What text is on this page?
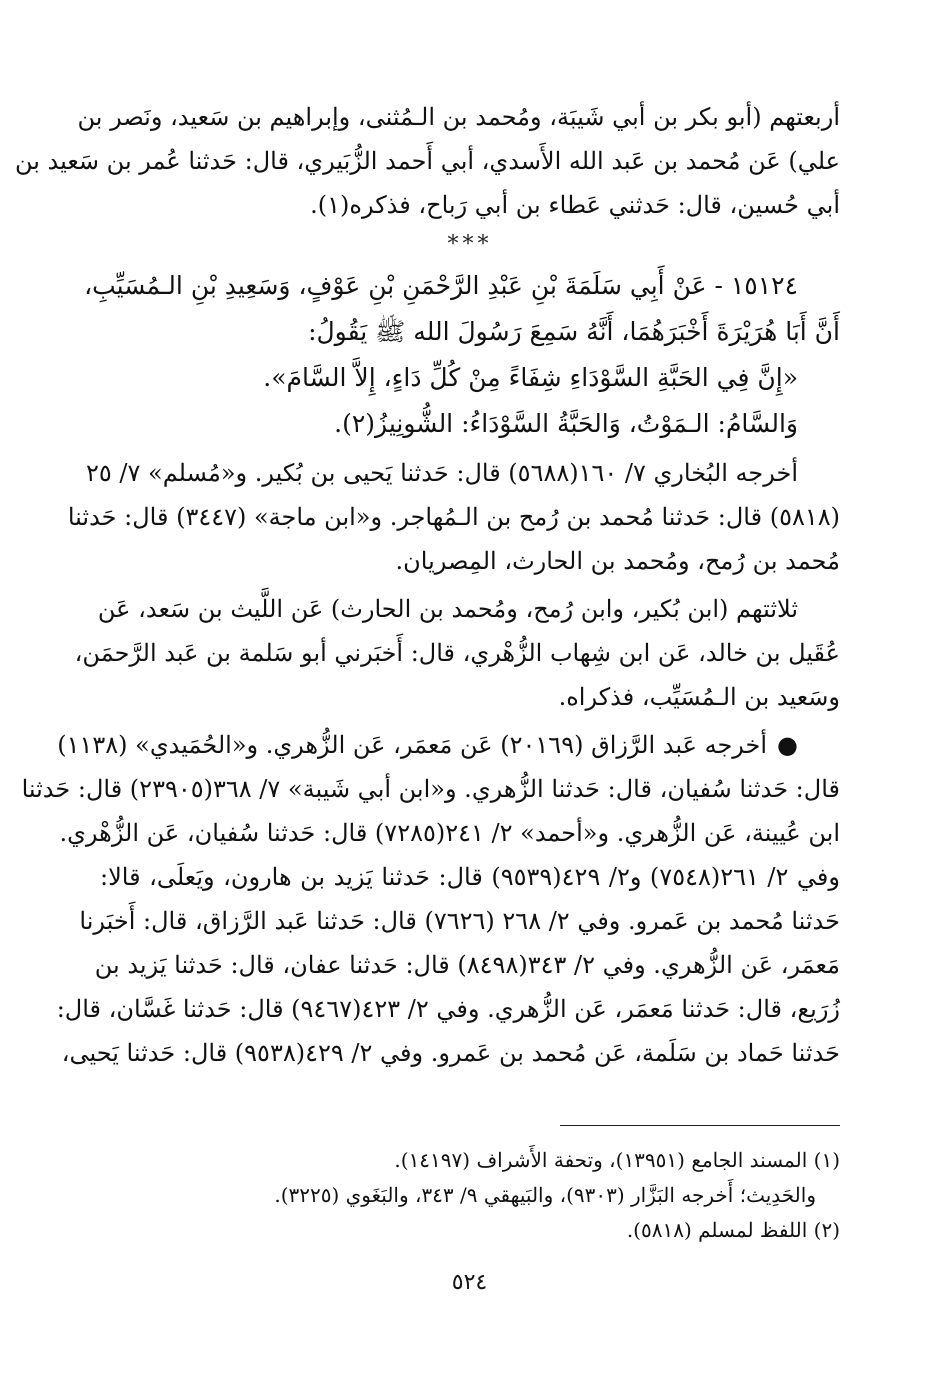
أربعتهم (أبو بكر بن أبي شَيبَة، ومُحمد بن الـمُثنى، وإبراهيم بن سَعيد، ونَصر بن
علي) عَن مُحمد بن عَبد الله الأَسدي، أبي أَحمد الزُّبَيري، قال: حَدثنا عُمر بن سَعيد بن
أبي حُسين، قال: حَدثني عَطاء بن أبي رَباح، فذكره(١).
***
١٥١٢٤ - عَنْ أَبِي سَلَمَةَ بْنِ عَبْدِ الرَّحْمَنِ بْنِ عَوْفٍ، وَسَعِيدِ بْنِ الـمُسَيِّبِ،
أَنَّ أَبَا هُرَيْرَةَ أَخْبَرَهُمَا، أَنَّهُ سَمِعَ رَسُولَ الله ﷺ يَقُولُ:
«إِنَّ فِي الحَبَّةِ السَّوْدَاءِ شِفَاءً مِنْ كُلِّ دَاءٍ، إِلاَّ السَّامَ».
وَالسَّامُ: الـمَوْتُ، وَالحَبَّةُ السَّوْدَاءُ: الشُّونِيزُ(٢).
أخرجه البُخاري ٧/ ١٦٠(٥٦٨٨) قال: حَدثنا يَحيى بن بُكير. و«مُسلم» ٧/ ٢٥
(٥٨١٨) قال: حَدثنا مُحمد بن رُمح بن الـمُهاجر. و«ابن ماجة» (٣٤٤٧) قال: حَدثنا
مُحمد بن رُمح، ومُحمد بن الحارث، المِصريان.
ثلاثتهم (ابن بُكير، وابن رُمح، ومُحمد بن الحارث) عَن اللَّيث بن سَعد، عَن
عُقَيل بن خالد، عَن ابن شِهاب الزُّهْري، قال: أَخبَرني أبو سَلمة بن عَبد الرَّحمَن،
وسَعيد بن الـمُسَيِّب، فذكراه.
●أخرجه عَبد الرَّزاق (٢٠١٦٩) عَن مَعمَر، عَن الزُّهري. و«الحُمَيدي» (١١٣٨)
قال: حَدثنا سُفيان، قال: حَدثنا الزُّهري. و«ابن أبي شَيبة» ٧/ ٣٦٨(٢٣٩٠٥) قال: حَدثنا
ابن عُيينة، عَن الزُّهري. و«أحمد» ٢/ ٢٤١(٧٢٨٥) قال: حَدثنا سُفيان، عَن الزُّهْري.
وفي ٢/ ٢٦١(٧٥٤٨) و٢/ ٤٢٩(٩٥٣٩) قال: حَدثنا يَزيد بن هارون، ويَعلَى، قالا:
حَدثنا مُحمد بن عَمرو. وفي ٢/ ٢٦٨ (٧٦٢٦) قال: حَدثنا عَبد الرَّزاق، قال: أَخبَرنا
مَعمَر، عَن الزُّهري. وفي ٢/ ٣٤٣(٨٤٩٨) قال: حَدثنا عفان، قال: حَدثنا يَزيد بن
زُرَيع، قال: حَدثنا مَعمَر، عَن الزُّهري. وفي ٢/ ٤٢٣(٩٤٦٧) قال: حَدثنا غَسَّان، قال:
حَدثنا حَماد بن سَلَمة، عَن مُحمد بن عَمرو. وفي ٢/ ٤٢٩(٩٥٣٨) قال: حَدثنا يَحيى،
(١) المسند الجامع (١٣٩٥١)، وتحفة الأَشراف (١٤١٩٧).
والحَدِيث؛ أَخرجه البَزَّار (٩٣٠٣)، والبَيهقي ٩/ ٣٤٣، والبَغَوي (٣٢٢٥).
(٢) اللفظ لمسلم (٥٨١٨).
٥٢٤
